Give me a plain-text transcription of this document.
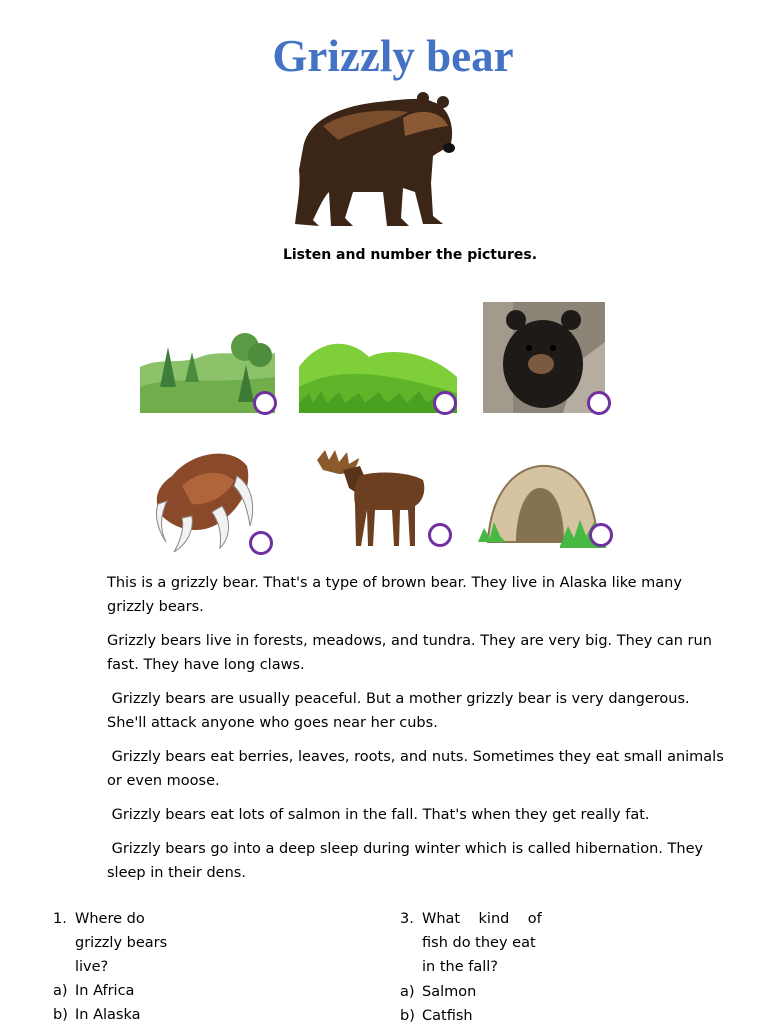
Grizzly bear
Listen and number the pictures.
This is a grizzly bear. That's a type of brown bear. They live in Alaska like many grizzly bears.
Grizzly bears live in forests, meadows, and tundra. They are very big. They can run fast. They have long claws.
Grizzly bears are usually peaceful. But a mother grizzly bear is very dangerous. She'll attack anyone who goes near her cubs.
Grizzly bears eat berries, leaves, roots, and nuts. Sometimes they eat small animals or even moose.
Grizzly bears eat lots of salmon in the fall. That's when they get really fat.
Grizzly bears go into a deep sleep during winter which is called hibernation. They sleep in their dens.
1. Where do
grizzly bears
live?
a) In Africa
b) In Alaska
3. What    kind    of
fish do they eat
in the fall?
a) Salmon
b) Catfish
